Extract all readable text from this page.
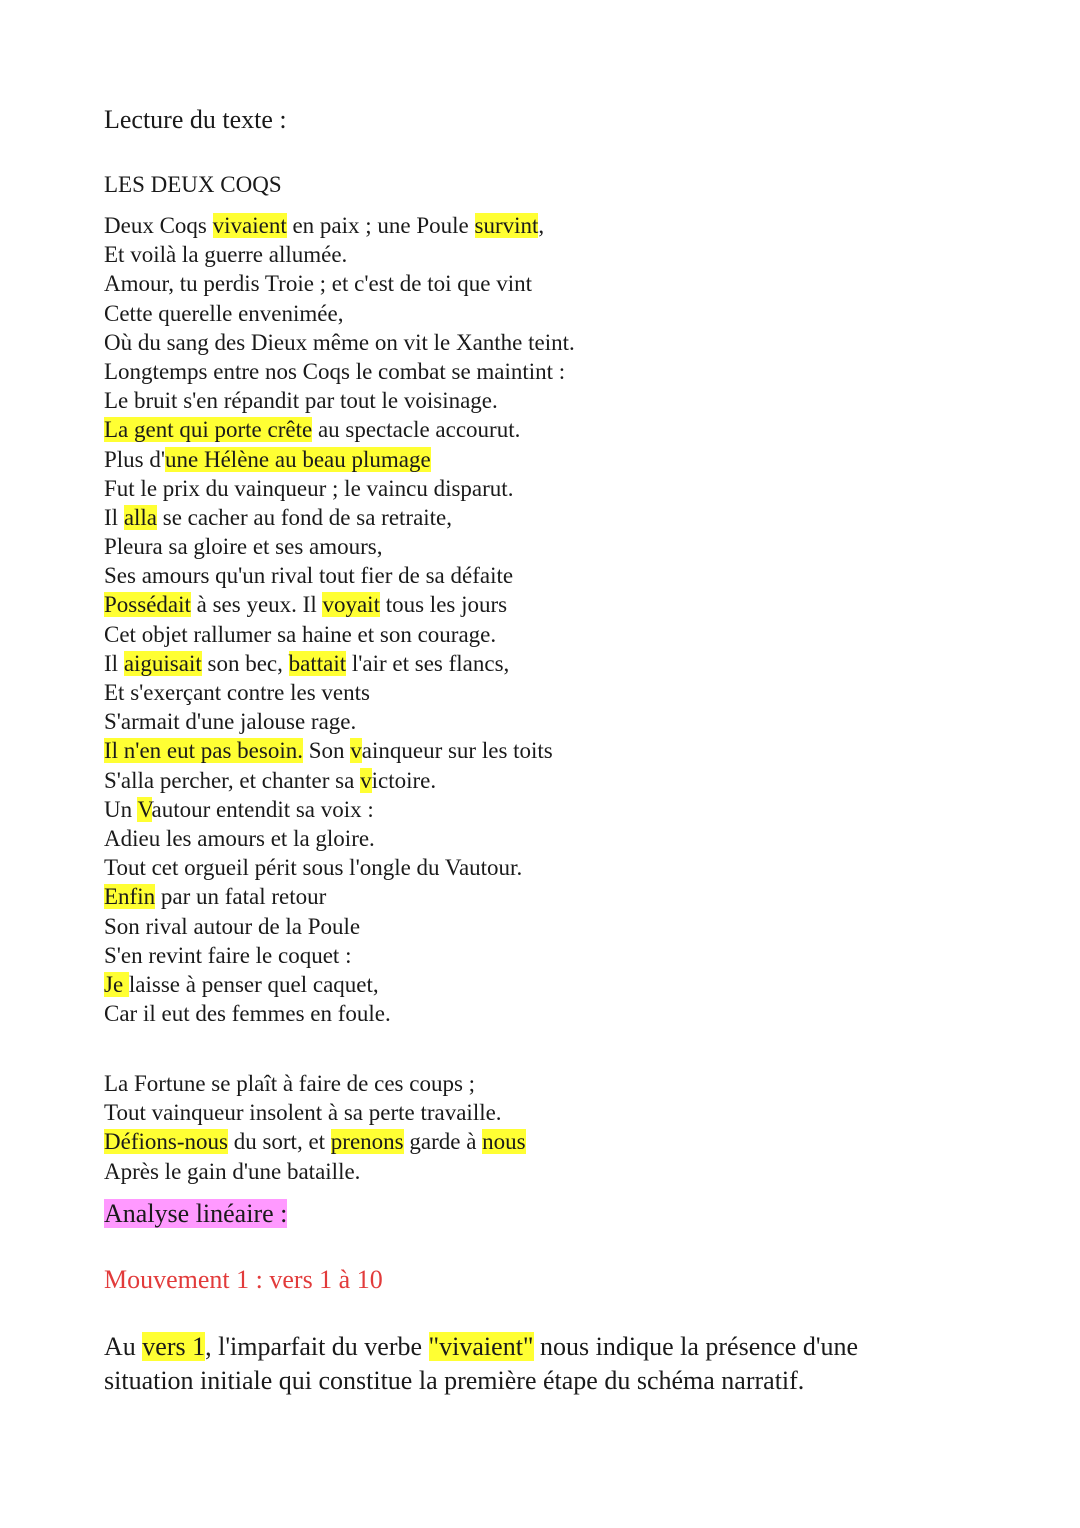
Lecture du texte :
LES DEUX COQS
Deux Coqs vivaient en paix ; une Poule survint,
Et voilà la guerre allumée.
Amour, tu perdis Troie ; et c'est de toi que vint
Cette querelle envenimée,
Où du sang des Dieux même on vit le Xanthe teint.
Longtemps entre nos Coqs le combat se maintint :
Le bruit s'en répandit par tout le voisinage.
La gent qui porte crête au spectacle accourut.
Plus d'une Hélène au beau plumage
Fut le prix du vainqueur ; le vaincu disparut.
Il alla se cacher au fond de sa retraite,
Pleura sa gloire et ses amours,
Ses amours qu'un rival tout fier de sa défaite
Possédait à ses yeux. Il voyait tous les jours
Cet objet rallumer sa haine et son courage.
Il aiguisait son bec, battait l'air et ses flancs,
Et s'exerçant contre les vents
S'armait d'une jalouse rage.
Il n'en eut pas besoin. Son vainqueur sur les toits
S'alla percher, et chanter sa victoire.
Un Vautour entendit sa voix :
Adieu les amours et la gloire.
Tout cet orgueil périt sous l'ongle du Vautour.
Enfin par un fatal retour
Son rival autour de la Poule
S'en revint faire le coquet :
Je laisse à penser quel caquet,
Car il eut des femmes en foule.
La Fortune se plaît à faire de ces coups ;
Tout vainqueur insolent à sa perte travaille.
Défions-nous du sort, et prenons garde à nous
Après le gain d'une bataille.
Analyse linéaire :
Mouvement 1 : vers 1 à 10
Au vers 1, l'imparfait du verbe "vivaient" nous indique la présence d'une
situation initiale qui constitue la première étape du schéma narratif.
